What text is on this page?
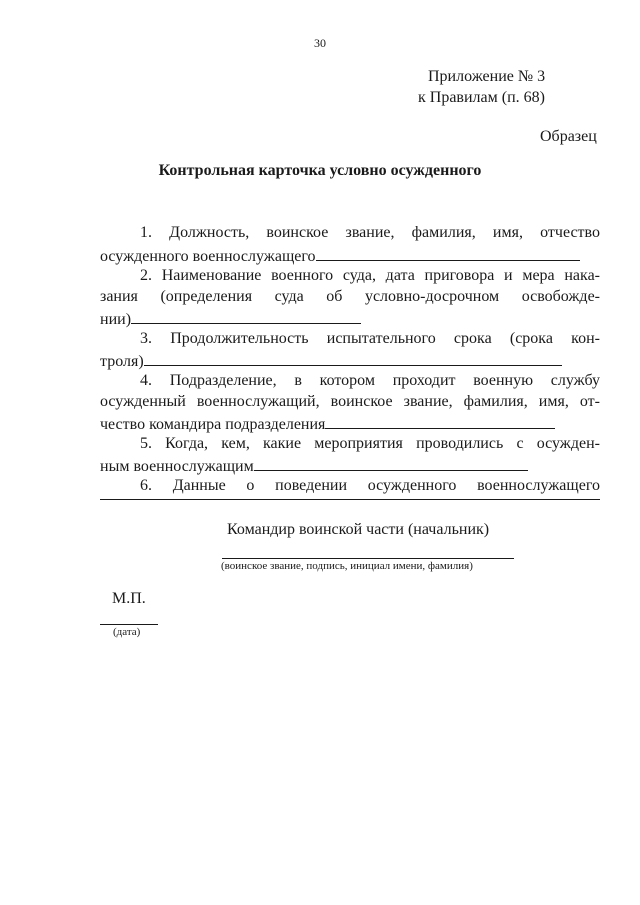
30
Приложение № 3
к Правилам (п. 68)
Образец
Контрольная карточка условно осужденного
1. Должность, воинское звание, фамилия, имя, отчество
осужденного военнослужащего
2. Наименование военного суда, дата приговора и мера нака-
зания (определения суда об условно-досрочном освобожде-
нии)
3. Продолжительность испытательного срока (срока кон-
троля)
4. Подразделение, в котором проходит военную службу
осужденный военнослужащий, воинское звание, фамилия, имя, от-
чество командира подразделения
5. Когда, кем, какие мероприятия проводились с осужден-
ным военнослужащим
6. Данные о поведении осужденного военнослужащего
Командир воинской части (начальник)
(воинское звание, подпись, инициал имени, фамилия)
М.П.
(дата)
